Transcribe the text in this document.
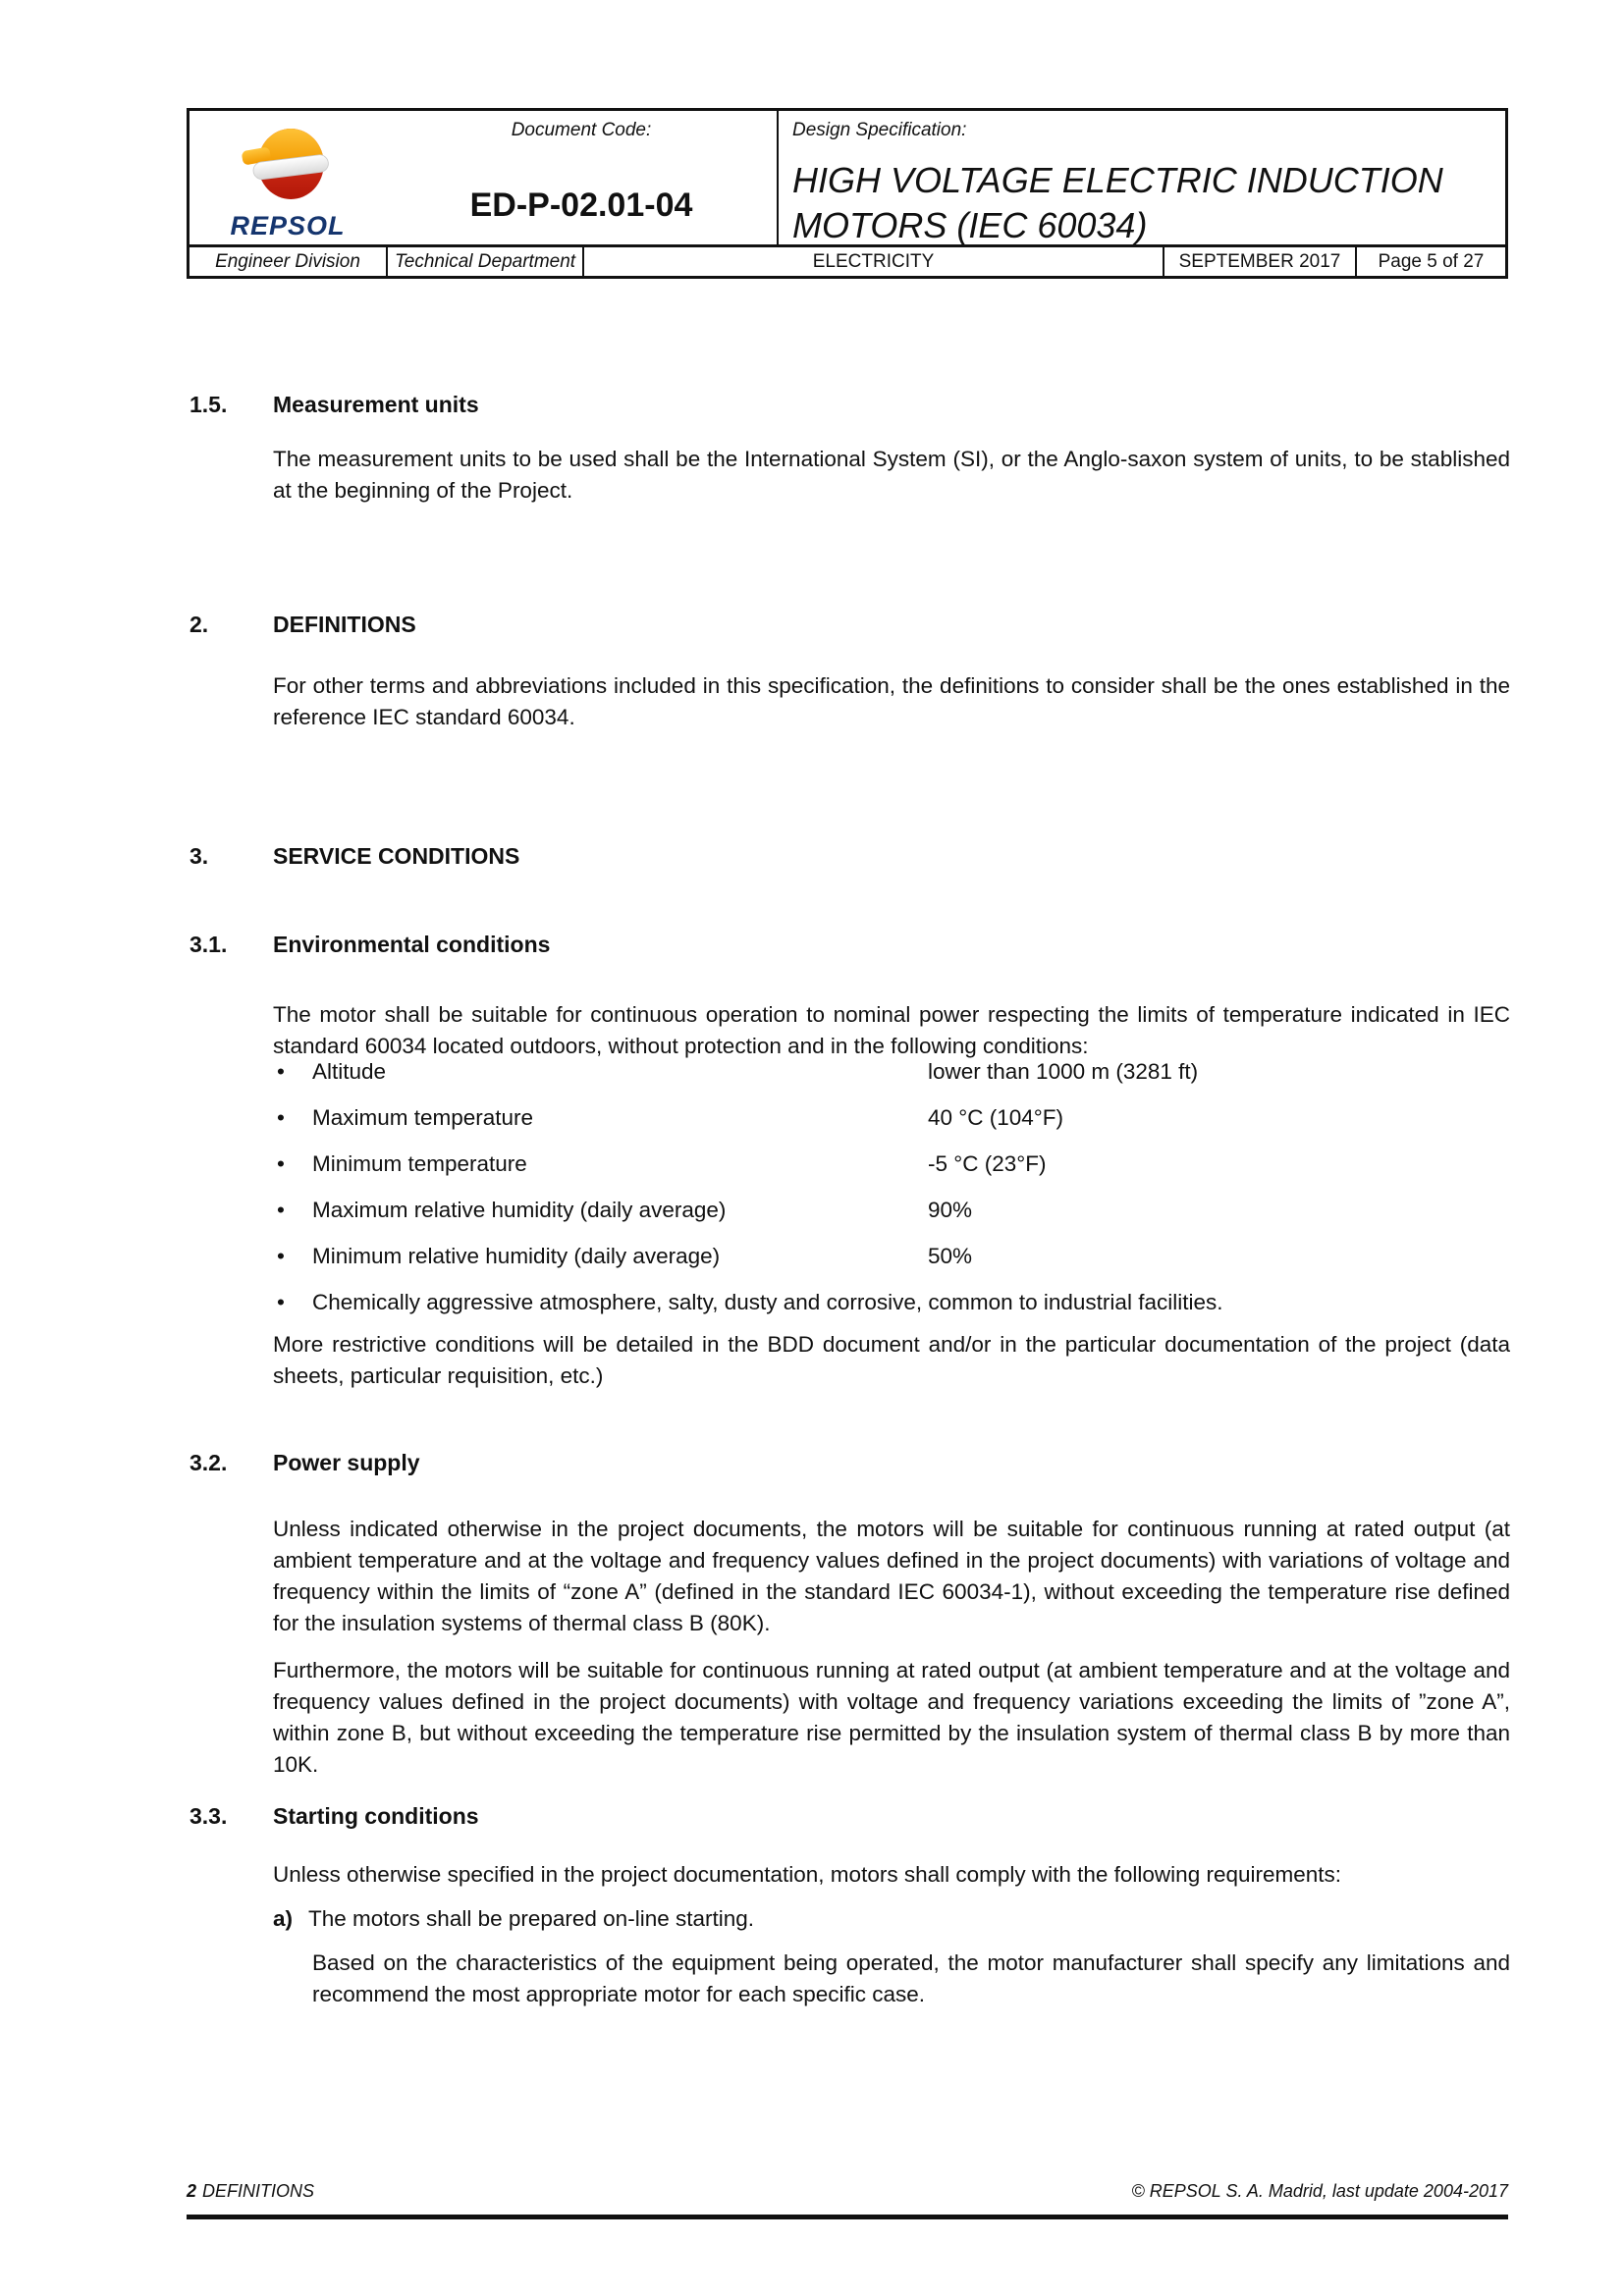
REPSOL
Document Code:
ED-P-02.01-04
Design Specification:
HIGH VOLTAGE ELECTRIC INDUCTION MOTORS (IEC 60034)
Engineer Division	Technical Department	ELECTRICITY	SEPTEMBER 2017	Page 5 of 27
1.5. Measurement units
The measurement units to be used shall be the International System (SI), or the Anglo-saxon system of units, to be stablished at the beginning of the Project.
2.	DEFINITIONS
For other terms and abbreviations included in this specification, the definitions to consider shall be the ones established in the reference IEC standard 60034.
3.	SERVICE CONDITIONS
3.1. Environmental conditions
The motor shall be suitable for continuous operation to nominal power respecting the limits of temperature indicated in IEC standard 60034 located outdoors, without protection and in the following conditions:
• Altitude	lower than 1000 m (3281 ft)
• Maximum temperature	40 °C (104°F)
• Minimum temperature	-5 °C (23°F)
• Maximum relative humidity (daily average)	90%
• Minimum relative humidity (daily average)	50%
• Chemically aggressive atmosphere, salty, dusty and corrosive, common to industrial facilities.
More restrictive conditions will be detailed in the BDD document and/or in the particular documentation of the project (data sheets, particular requisition, etc.)
3.2. Power supply
Unless indicated otherwise in the project documents, the motors will be suitable for continuous running at rated output (at ambient temperature and at the voltage and frequency values defined in the project documents) with variations of voltage and frequency within the limits of “zone A” (defined in the standard IEC 60034-1), without exceeding the temperature rise defined for the insulation systems of thermal class B (80K).
Furthermore, the motors will be suitable for continuous running at rated output (at ambient temperature and at the voltage and frequency values defined in the project documents) with voltage and frequency variations exceeding the limits of ”zone A”, within zone B, but without exceeding the temperature rise permitted by the insulation system of thermal class B by more than 10K.
3.3. Starting conditions
Unless otherwise specified in the project documentation, motors shall comply with the following requirements:
a) The motors shall be prepared on-line starting.
Based on the characteristics of the equipment being operated, the motor manufacturer shall specify any limitations and recommend the most appropriate motor for each specific case.
2 DEFINITIONS	© REPSOL S. A. Madrid, last update 2004-2017
